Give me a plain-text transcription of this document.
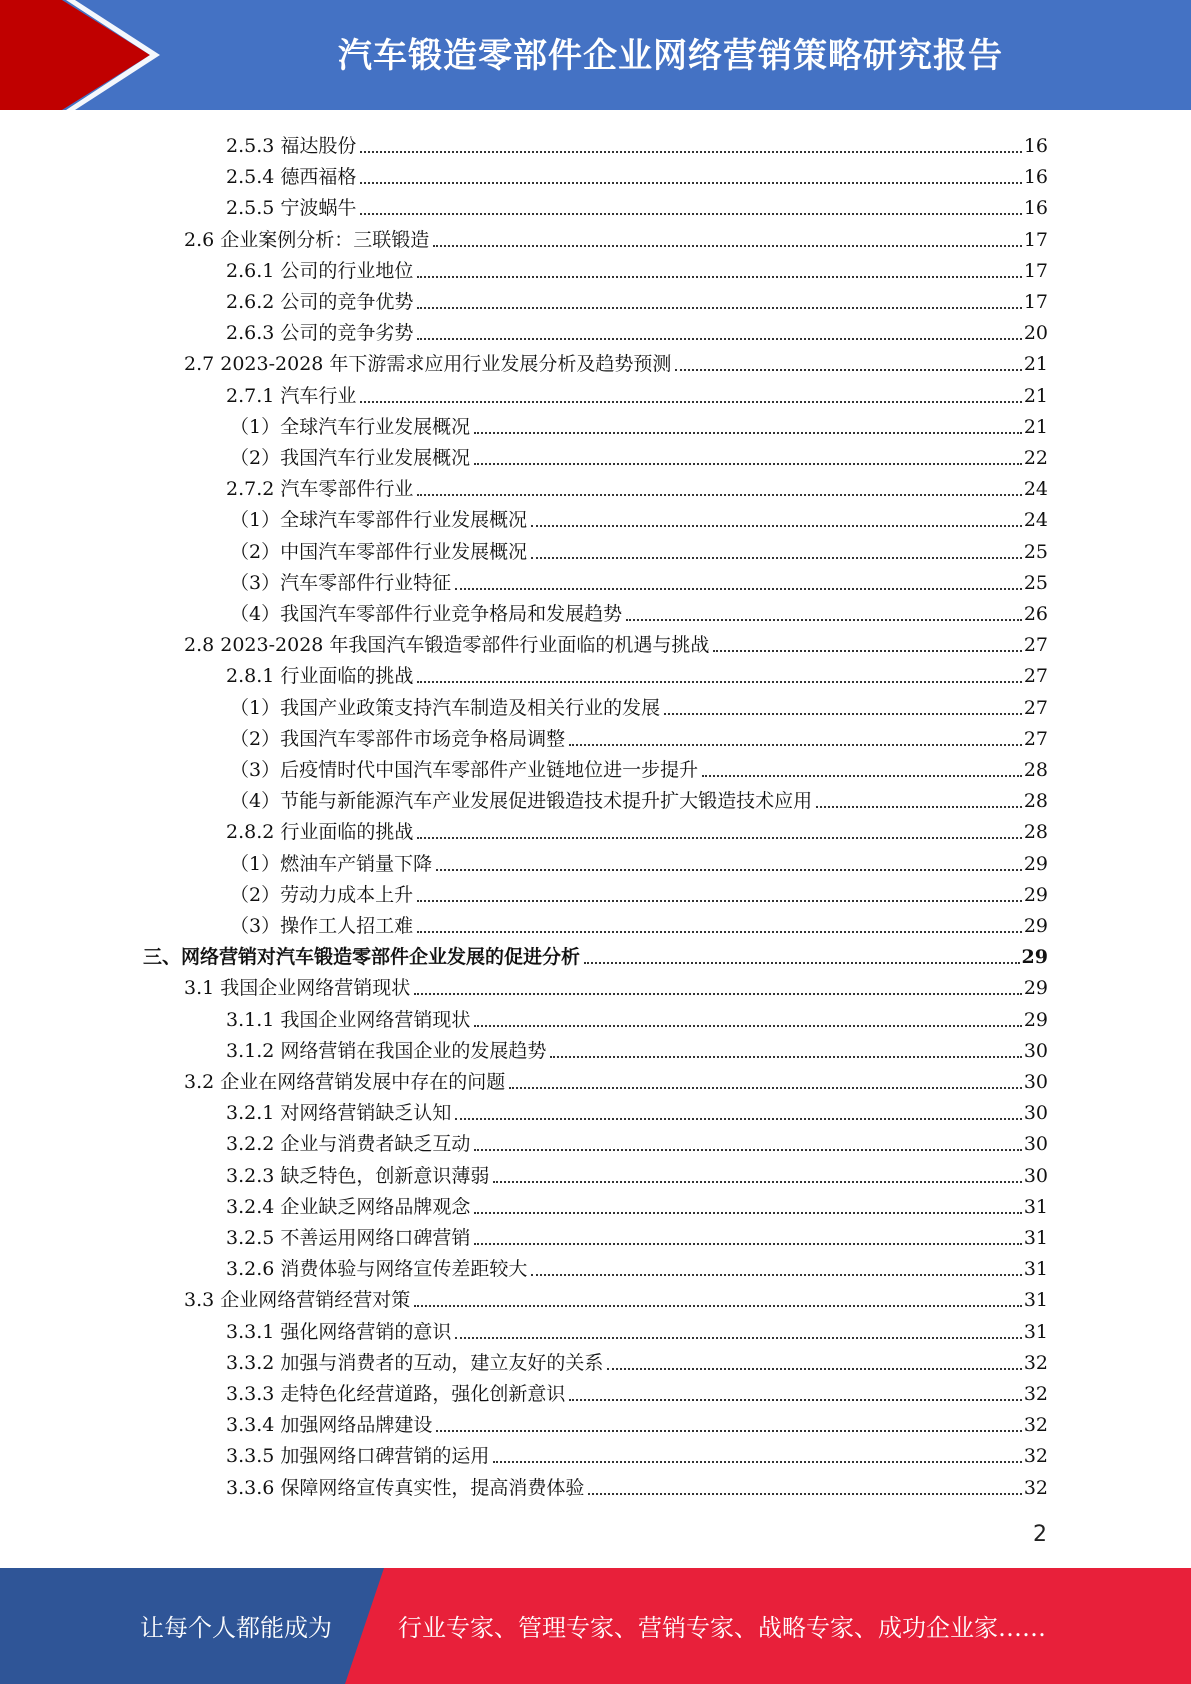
汽车锻造零部件企业网络营销策略研究报告
2.5.3 福达股份	16
2.5.4 德西福格	16
2.5.5 宁波蜗牛	16
2.6 企业案例分析：三联锻造	17
2.6.1 公司的行业地位	17
2.6.2 公司的竞争优势	17
2.6.3 公司的竞争劣势	20
2.7 2023-2028 年下游需求应用行业发展分析及趋势预测	21
2.7.1 汽车行业	21
（1）全球汽车行业发展概况	21
（2）我国汽车行业发展概况	22
2.7.2 汽车零部件行业	24
（1）全球汽车零部件行业发展概况	24
（2）中国汽车零部件行业发展概况	25
（3）汽车零部件行业特征	25
（4）我国汽车零部件行业竞争格局和发展趋势	26
2.8 2023-2028 年我国汽车锻造零部件行业面临的机遇与挑战	27
2.8.1 行业面临的挑战	27
（1）我国产业政策支持汽车制造及相关行业的发展	27
（2）我国汽车零部件市场竞争格局调整	27
（3）后疫情时代中国汽车零部件产业链地位进一步提升	28
（4）节能与新能源汽车产业发展促进锻造技术提升扩大锻造技术应用	28
2.8.2 行业面临的挑战	28
（1）燃油车产销量下降	29
（2）劳动力成本上升	29
（3）操作工人招工难	29
三、网络营销对汽车锻造零部件企业发展的促进分析	29
3.1 我国企业网络营销现状	29
3.1.1 我国企业网络营销现状	29
3.1.2 网络营销在我国企业的发展趋势	30
3.2 企业在网络营销发展中存在的问题	30
3.2.1 对网络营销缺乏认知	30
3.2.2 企业与消费者缺乏互动	30
3.2.3 缺乏特色，创新意识薄弱	30
3.2.4 企业缺乏网络品牌观念	31
3.2.5 不善运用网络口碑营销	31
3.2.6 消费体验与网络宣传差距较大	31
3.3 企业网络营销经营对策	31
3.3.1 强化网络营销的意识	31
3.3.2 加强与消费者的互动，建立友好的关系	32
3.3.3 走特色化经营道路，强化创新意识	32
3.3.4 加强网络品牌建设	32
3.3.5 加强网络口碑营销的运用	32
3.3.6 保障网络宣传真实性，提高消费体验	32
2
让每个人都能成为	行业专家、管理专家、营销专家、战略专家、成功企业家……
